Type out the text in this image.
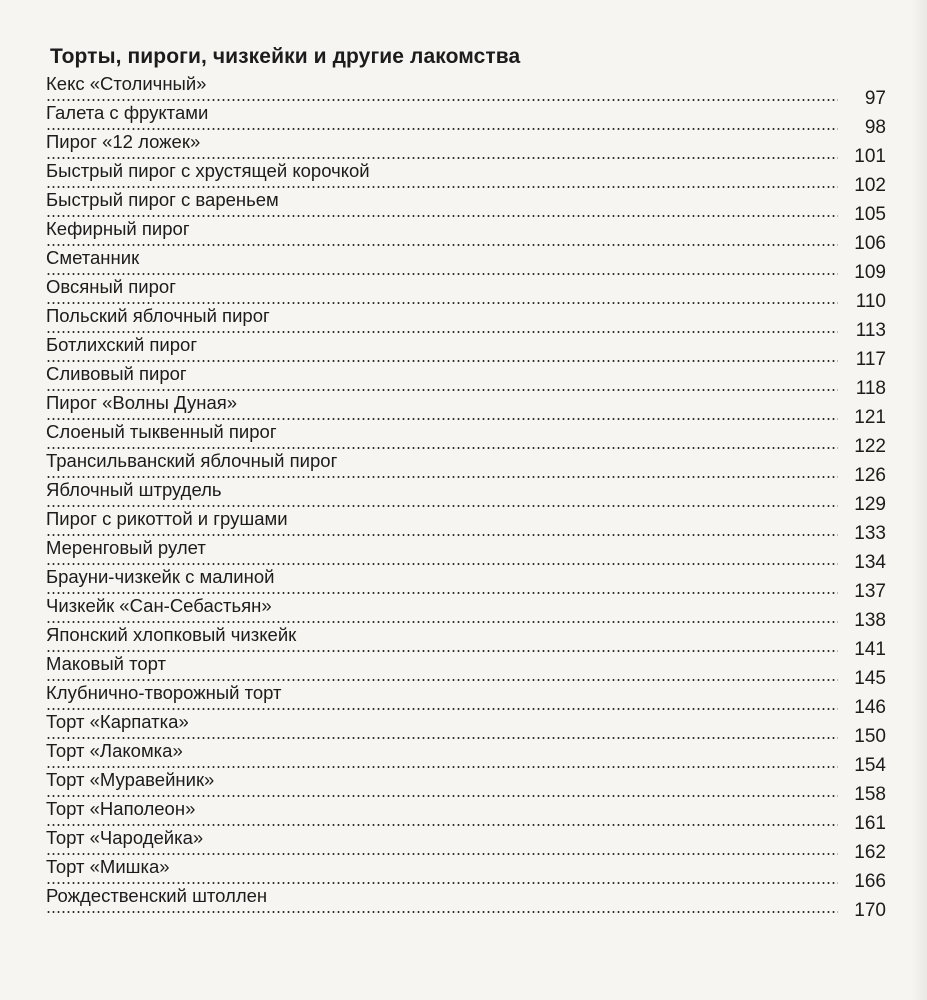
Торты, пироги, чизкейки и другие лакомства
Кекс «Столичный»
97
Галета с фруктами
98
Пирог «12 ложек»
101
Быстрый пирог с хрустящей корочкой
102
Быстрый пирог с вареньем
105
Кефирный пирог
106
Сметанник
109
Овсяный пирог
110
Польский яблочный пирог
113
Ботлихский пирог
117
Сливовый пирог
118
Пирог «Волны Дуная»
121
Слоеный тыквенный пирог
122
Трансильванский яблочный пирог
126
Яблочный штрудель
129
Пирог с рикоттой и грушами
133
Меренговый рулет
134
Брауни-чизкейк с малиной
137
Чизкейк «Сан-Себастьян»
138
Японский хлопковый чизкейк
141
Маковый торт
145
Клубнично-творожный торт
146
Торт «Карпатка»
150
Торт «Лакомка»
154
Торт «Муравейник»
158
Торт «Наполеон»
161
Торт «Чародейка»
162
Торт «Мишка»
166
Рождественский штоллен
170
